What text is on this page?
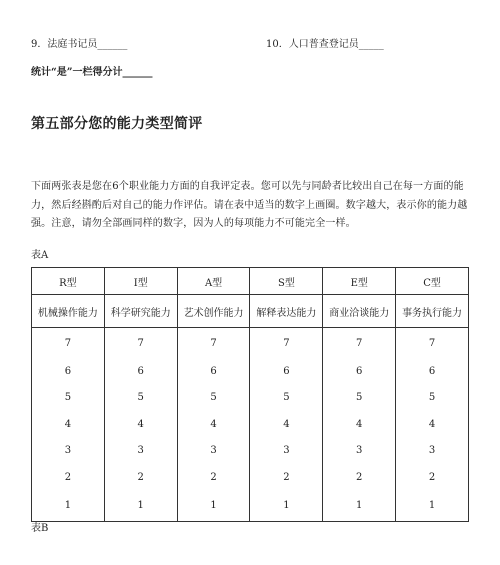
9．法庭书记员______	10．人口普查登记员_____
统计“是”一栏得分计______
第五部分您的能力类型简评
下面两张表是您在6个职业能力方面的自我评定表。您可以先与同龄者比较出自己在每一方面的能力，然后经斟酌后对自己的能力作评估。请在表中适当的数字上画圈。数字越大，表示你的能力越强。注意，请勿全部画同样的数字，因为人的每项能力不可能完全一样。
表A
R型	I型	A型	S型	E型	C型
机械操作能力	科学研究能力	艺术创作能力	解释表达能力	商业洽谈能力	事务执行能力
7	7	7	7	7	7
6	6	6	6	6	6
5	5	5	5	5	5
4	4	4	4	4	4
3	3	3	3	3	3
2	2	2	2	2	2
1	1	1	1	1	1
表B
